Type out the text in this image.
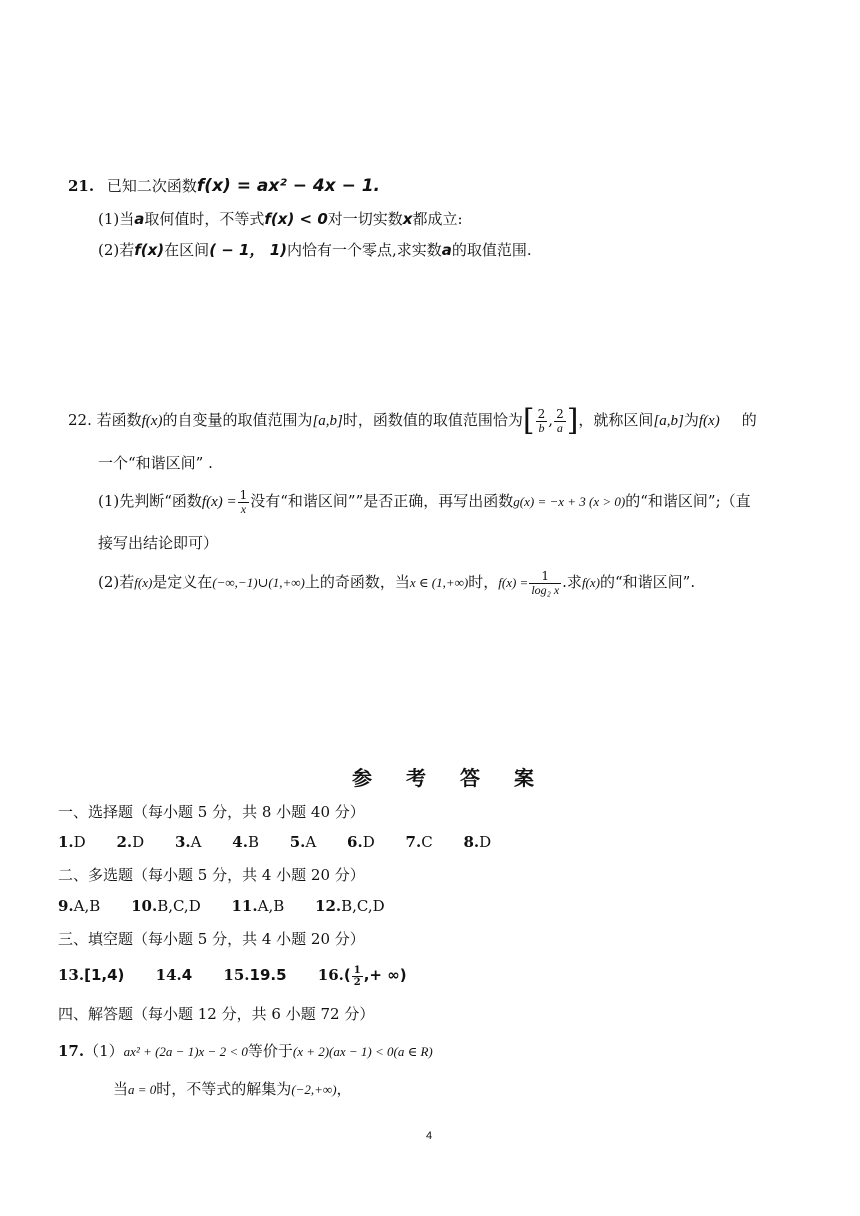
21. 已知二次函数f(x) = ax² − 4x − 1.
(1)当a取何值时，不等式f(x) < 0对一切实数x都成立:
(2)若f(x)在区间( − 1， 1)内恰有一个零点,求实数a的取值范围.
22. 若函数f(x)的自变量的取值范围为[a,b]时，函数值的取值范围恰为[ $\frac{2}{b}$ , $\frac{2}{a}$ ]，就称区间[a,b]为f(x) 的
一个“和谐区间” .
(1)先判断“函数$f(x) = \frac{1}{x}$ 没有“和谐区间””是否正确，再写出函数g(x) = −x + 3 (x > 0)的“和谐区间”;（直
接写出结论即可）
(2)若f(x)是定义在(−∞,−1)∪(1,+∞)上的奇函数，当x ∈ (1,+∞)时，$f(x) = \frac{1}{\text{log₂ x}}$ .求f(x)的“和谐区间”.
参考答案
一、选择题（每小题 5 分，共 8 小题 40 分）
1.D 2.D 3.A 4.B 5.A 6.D 7.C 8.D
二、多选题（每小题 5 分，共 4 小题 20 分）
9.A,B 10.B,C,D 11.A,B 12.B,C,D
三、填空题（每小题 5 分，共 4 小题 20 分）
13.[1,4) 14.4 15.19.5 $16.( \frac{1}{2}$ ,+ ∞)
四、解答题（每小题 12 分，共 6 小题 72 分）
17.（1）ax² + (2a − 1)x − 2 < 0等价于(x + 2)(ax − 1) < 0(a ∈ R)
当a = 0时，不等式的解集为(−2,+∞)，
4
